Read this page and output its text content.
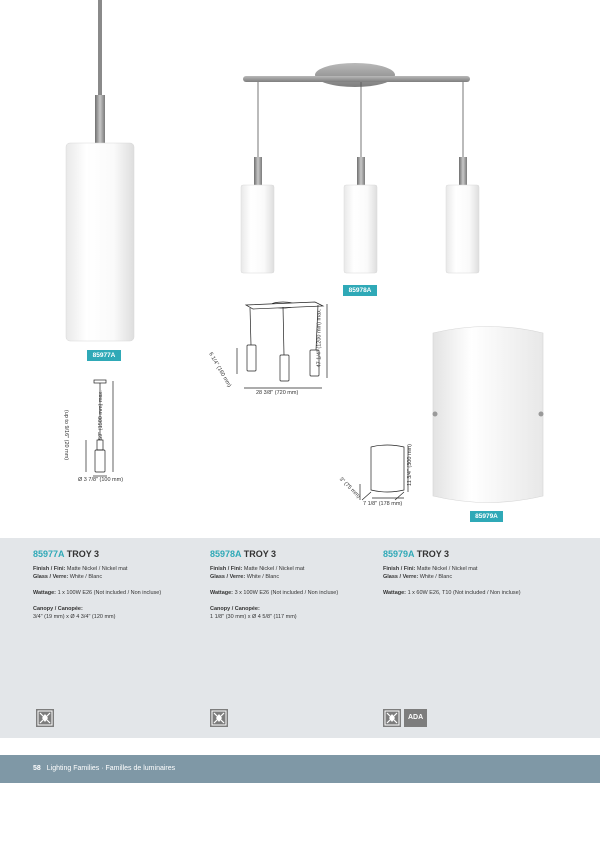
85977A
85978A
85979A
59" (1500 mm) max.
(up to 9/16" (20 mm)
Ø 3 7/8" (100 mm)
47 1/4" (1200 mm) max.
6 1/4" (160 mm)
28 3/8" (720 mm)
11 3/4" (300 mm)
3" (75 mm)
7 1/8" (178 mm)
85977A TROY 3
Finish / Fini: Matte Nickel / Nickel mat
Glass / Verre: White / Blanc
Wattage: 1 x 100W E26 (Not included / Non incluse)
Canopy / Canopée:
3/4" (19 mm) x Ø 4 3/4" (120 mm)
85978A TROY 3
Finish / Fini: Matte Nickel / Nickel mat
Glass / Verre: White / Blanc
Wattage: 3 x 100W E26 (Not included / Non incluse)
Canopy / Canopée:
1 1/8" (30 mm) x Ø 4 5/8" (117 mm)
85979A TROY 3
Finish / Fini: Matte Nickel / Nickel mat
Glass / Verre: White / Blanc
Wattage: 1 x 60W E26, T10 (Not included / Non incluse)
ADA
58 Lighting Families · Familles de luminaires
